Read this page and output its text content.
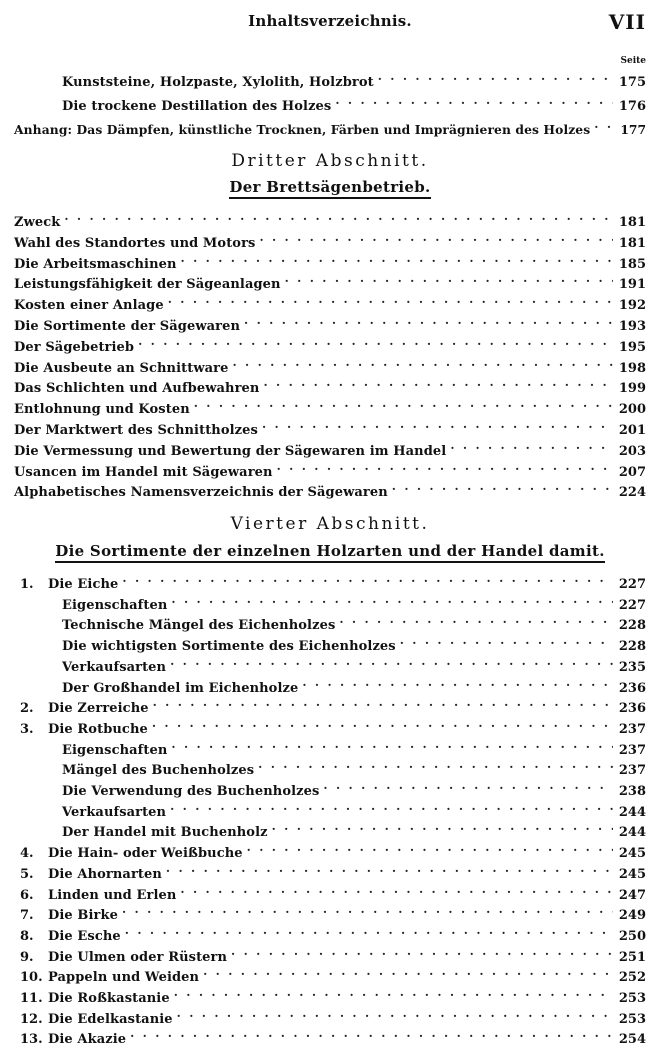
Inhaltsverzeichnis.	VII
Seite
Kunststeine, Holzpaste, Xylolith, Holzbrot . . .	175
Die trockene Destillation des Holzes . . .	176
Anhang: Das Dämpfen, künstliche Trocknen, Färben und Imprägnieren des Holzes . . .	177
Dritter Abschnitt.
Der Brettsägenbetrieb.
Zweck . . .	181
Wahl des Standortes und Motors . . .	181
Die Arbeitsmaschinen . . .	185
Leistungsfähigkeit der Sägeanlagen . . .	191
Kosten einer Anlage . . .	192
Die Sortimente der Sägewaren . . .	193
Der Sägebetrieb . . .	195
Die Ausbeute an Schnittware . . .	198
Das Schlichten und Aufbewahren . . .	199
Entlohnung und Kosten . . .	200
Der Marktwert des Schnittholzes . . .	201
Die Vermessung und Bewertung der Sägewaren im Handel . . .	203
Usancen im Handel mit Sägewaren . . .	207
Alphabetisches Namensverzeichnis der Sägewaren . . .	224
Vierter Abschnitt.
Die Sortimente der einzelnen Holzarten und der Handel damit.
1.	Die Eiche . . .	227
Eigenschaften . . .	227
Technische Mängel des Eichenholzes . . .	228
Die wichtigsten Sortimente des Eichenholzes . . .	228
Verkaufsarten . . .	235
Der Großhandel im Eichenholze . . .	236
2.	Die Zerreiche . . .	236
3.	Die Rotbuche . . .	237
Eigenschaften . . .	237
Mängel des Buchenholzes . . .	237
Die Verwendung des Buchenholzes . . .	238
Verkaufsarten . . .	244
Der Handel mit Buchenholz . . .	244
4.	Die Hain- oder Weißbuche . . .	245
5.	Die Ahornarten . . .	245
6.	Linden und Erlen . . .	247
7.	Die Birke . . .	249
8.	Die Esche . . .	250
9.	Die Ulmen oder Rüstern . . .	251
10. Pappeln und Weiden . . .	252
11. Die Roßkastanie . . .	253
12. Die Edelkastanie . . .	253
13. Die Akazie . . .	254
